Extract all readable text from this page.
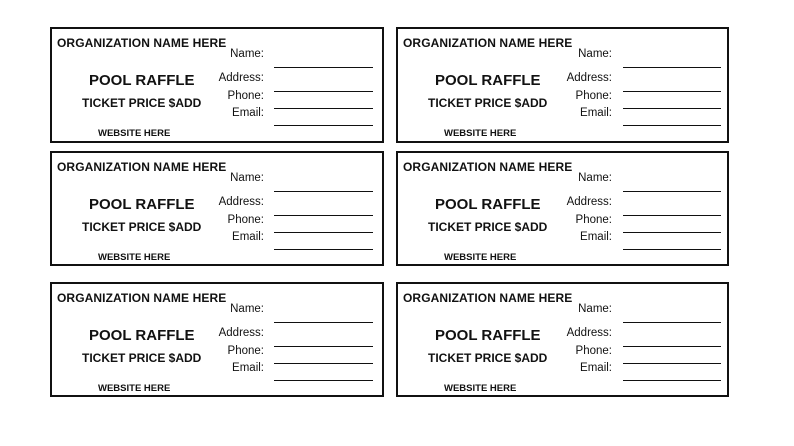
ORGANIZATION NAME HERE
POOL RAFFLE
TICKET PRICE $ADD
WEBSITE HERE
Name:
Address:
Phone:
Email:
ORGANIZATION NAME HERE
POOL RAFFLE
TICKET PRICE $ADD
WEBSITE HERE
Name:
Address:
Phone:
Email:
ORGANIZATION NAME HERE
POOL RAFFLE
TICKET PRICE $ADD
WEBSITE HERE
Name:
Address:
Phone:
Email:
ORGANIZATION NAME HERE
POOL RAFFLE
TICKET PRICE $ADD
WEBSITE HERE
Name:
Address:
Phone:
Email:
ORGANIZATION NAME HERE
POOL RAFFLE
TICKET PRICE $ADD
WEBSITE HERE
Name:
Address:
Phone:
Email:
ORGANIZATION NAME HERE
POOL RAFFLE
TICKET PRICE $ADD
WEBSITE HERE
Name:
Address:
Phone:
Email:
